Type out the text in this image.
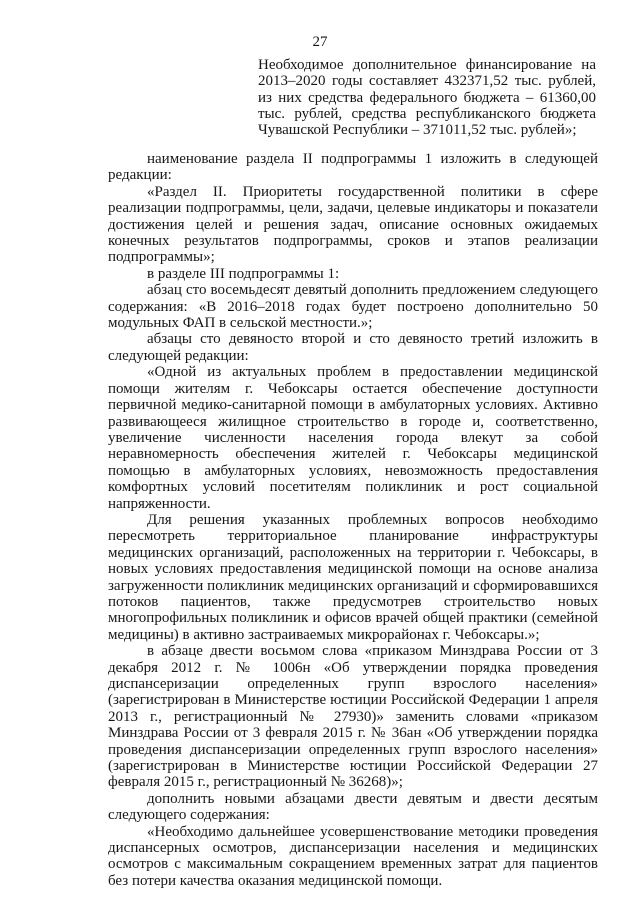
27
Необходимое дополнительное финансирование на 2013–2020 годы составляет 432371,52 тыс. рублей, из них средства федерального бюджета – 61360,00 тыс. рублей, средства республиканского бюджета Чувашской Республики – 371011,52 тыс. рублей»;

наименование раздела II подпрограммы 1 изложить в следующей редакции:

«Раздел II. Приоритеты государственной политики в сфере реализации подпрограммы, цели, задачи, целевые индикаторы и показатели достижения целей и решения задач, описание основных ожидаемых конечных результатов подпрограммы, сроков и этапов реализации подпрограммы»;

в разделе III подпрограммы 1:

абзац сто восемьдесят девятый дополнить предложением следующего содержания: «В 2016–2018 годах будет построено дополнительно 50 модульных ФАП в сельской местности.»;

абзацы сто девяносто второй и сто девяносто третий изложить в следующей редакции:

«Одной из актуальных проблем в предоставлении медицинской помощи жителям г. Чебоксары остается обеспечение доступности первичной медико-санитарной помощи в амбулаторных условиях. Активно развивающееся жилищное строительство в городе и, соответственно, увеличение численности населения города влекут за собой неравномерность обеспечения жителей г. Чебоксары медицинской помощью в амбулаторных условиях, невозможность предоставления комфортных условий посетителям поликлиник и рост социальной напряженности.

Для решения указанных проблемных вопросов необходимо пересмотреть территориальное планирование инфраструктуры медицинских организаций, расположенных на территории г. Чебоксары, в новых условиях предоставления медицинской помощи на основе анализа загруженности поликлиник медицинских организаций и сформировавшихся потоков пациентов, также предусмотрев строительство новых многопрофильных поликлиник и офисов врачей общей практики (семейной медицины) в активно застраиваемых микрорайонах г. Чебоксары.»;

в абзаце двести восьмом слова «приказом Минздрава России от 3 декабря 2012 г. № 1006н «Об утверждении порядка проведения диспансеризации определенных групп взрослого населения» (зарегистрирован в Министерстве юстиции Российской Федерации 1 апреля 2013 г., регистрационный № 27930)» заменить словами «приказом Минздрава России от 3 февраля 2015 г. № 36ан «Об утверждении порядка проведения диспансеризации определенных групп взрослого населения» (зарегистрирован в Министерстве юстиции Российской Федерации 27 февраля 2015 г., регистрационный № 36268)»;

дополнить новыми абзацами двести девятым и двести десятым следующего содержания:

«Необходимо дальнейшее усовершенствование методики проведения диспансерных осмотров, диспансеризации населения и медицинских осмотров с максимальным сокращением временных затрат для пациентов без потери качества оказания медицинской помощи.
